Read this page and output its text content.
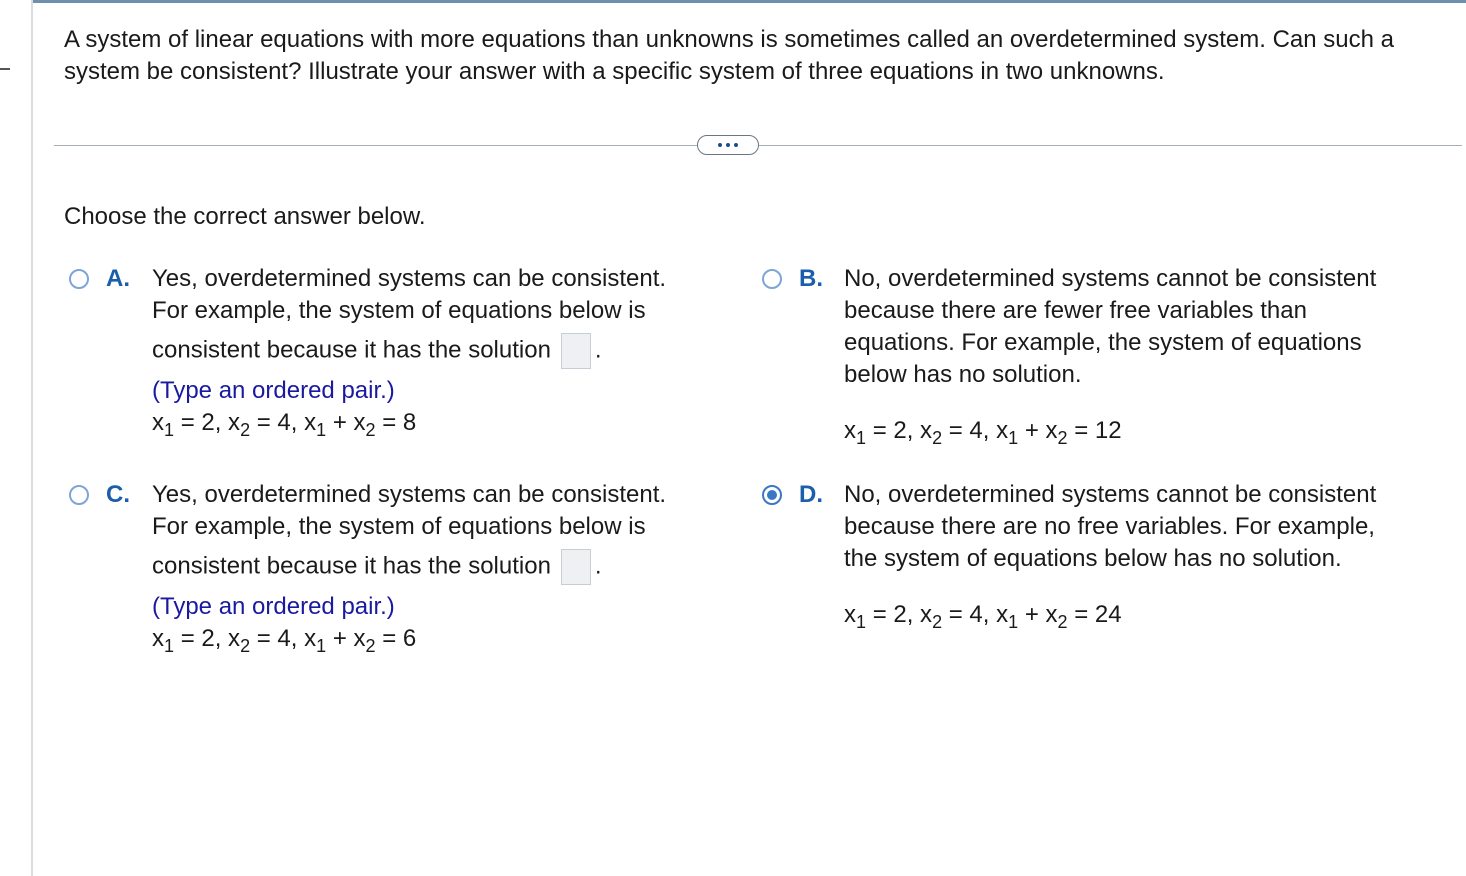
A system of linear equations with more equations than unknowns is sometimes called an overdetermined system. Can such a system be consistent? Illustrate your answer with a specific system of three equations in two unknowns.
Choose the correct answer below.
A. Yes, overdetermined systems can be consistent.
For example, the system of equations below is
consistent because it has the solution .
(Type an ordered pair.)
$x_1 = 2$, $x_2 = 4$, $x_1 + x_2 = 8$
B. No, overdetermined systems cannot be consistent
because there are fewer free variables than
equations. For example, the system of equations
below has no solution.
$x_1 = 2$, $x_2 = 4$, $x_1 + x_2 = 12$
C. Yes, overdetermined systems can be consistent.
For example, the system of equations below is
consistent because it has the solution .
(Type an ordered pair.)
$x_1 = 2$, $x_2 = 4$, $x_1 + x_2 = 6$
D. No, overdetermined systems cannot be consistent
because there are no free variables. For example,
the system of equations below has no solution.
$x_1 = 2$, $x_2 = 4$, $x_1 + x_2 = 24$
